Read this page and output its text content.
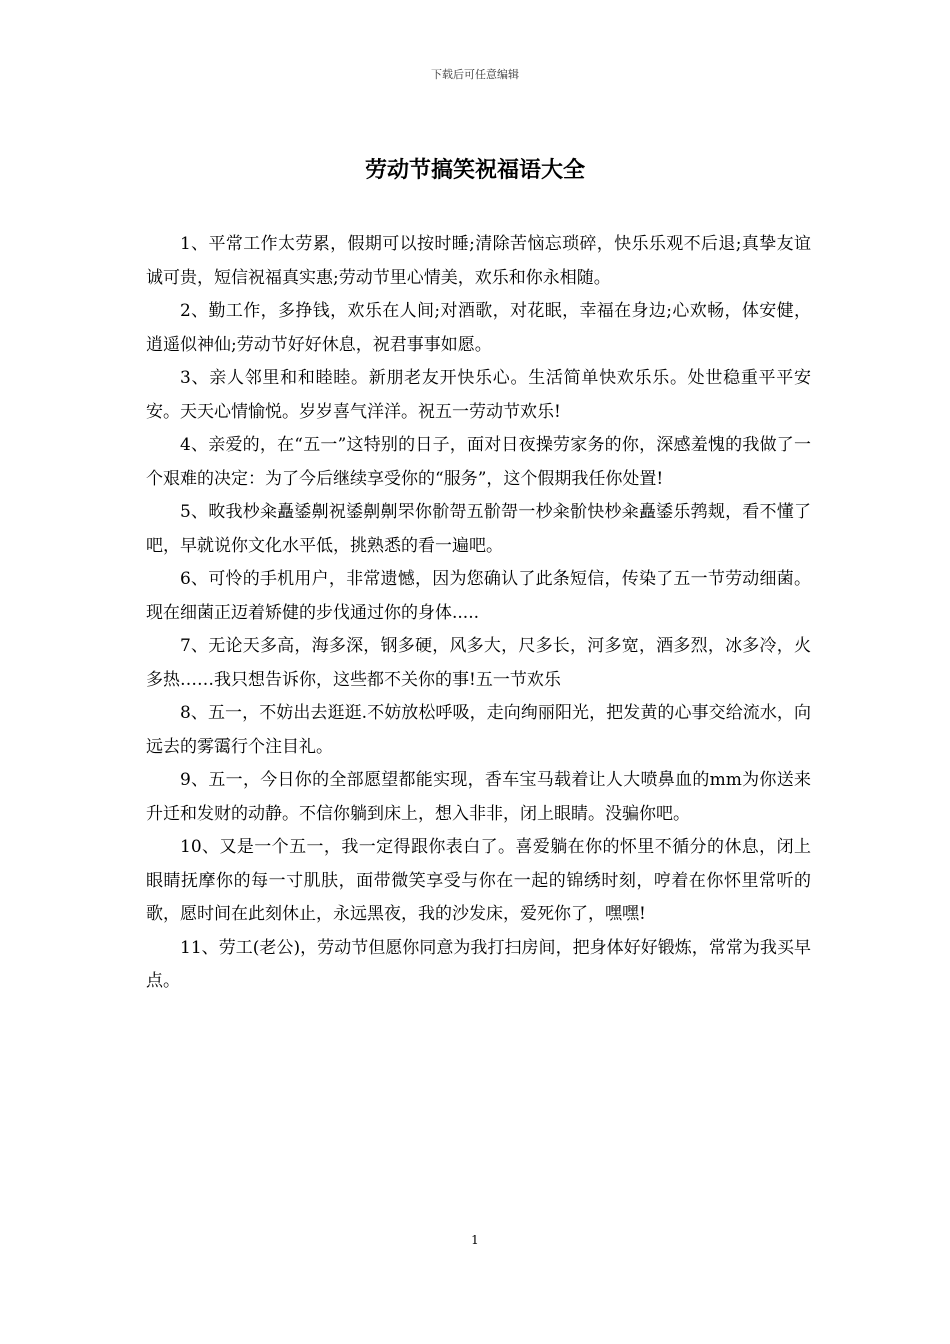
下载后可任意编辑
劳动节搞笑祝福语大全

1、平常工作太劳累，假期可以按时睡;清除苦恼忘琐碎，快乐乐观不后退;真挚友谊诚可贵，短信祝福真实惠;劳动节里心情美，欢乐和你永相随。

2、勤工作，多挣钱，欢乐在人间;对酒歌，对花眠，幸福在身边;心欢畅，体安健，逍遥似神仙;劳动节好好休息，祝君事事如愿。

3、亲人邻里和和睦睦。新朋老友开快乐心。生活简单快欢乐乐。处世稳重平平安安。天天心情愉悦。岁岁喜气洋洋。祝五一劳动节欢乐!

4、亲爱的，在“五一”这特别的日子，面对日夜操劳家务的你，深感羞愧的我做了一个艰难的决定：为了今后继续享受你的“服务”，这个假期我任你处置!

5、畋我杪籴矗鋈劓祝鋈劓劓罘你骱哿五骱哿一杪籴骱快杪籴矗鋈乐鹁觌，看不懂了吧，早就说你文化水平低，挑熟悉的看一遍吧。

6、可怜的手机用户，非常遗憾，因为您确认了此条短信，传染了五一节劳动细菌。现在细菌正迈着矫健的步伐通过你的身体.....

7、无论天多高，海多深，钢多硬，风多大，尺多长，河多宽，酒多烈，冰多冷，火多热……我只想告诉你，这些都不关你的事!五一节欢乐

8、五一，不妨出去逛逛.不妨放松呼吸，走向绚丽阳光，把发黄的心事交给流水，向远去的雾霭行个注目礼。

9、五一，今日你的全部愿望都能实现，香车宝马载着让人大喷鼻血的mm为你送来升迁和发财的动静。不信你躺到床上，想入非非，闭上眼睛。没骗你吧。

10、又是一个五一，我一定得跟你表白了。喜爱躺在你的怀里不循分的休息，闭上眼睛抚摩你的每一寸肌肤，面带微笑享受与你在一起的锦绣时刻，哼着在你怀里常听的歌，愿时间在此刻休止，永远黑夜，我的沙发床，爱死你了，嘿嘿!

11、劳工(老公)，劳动节但愿你同意为我打扫房间，把身体好好锻炼，常常为我买早点。

1
